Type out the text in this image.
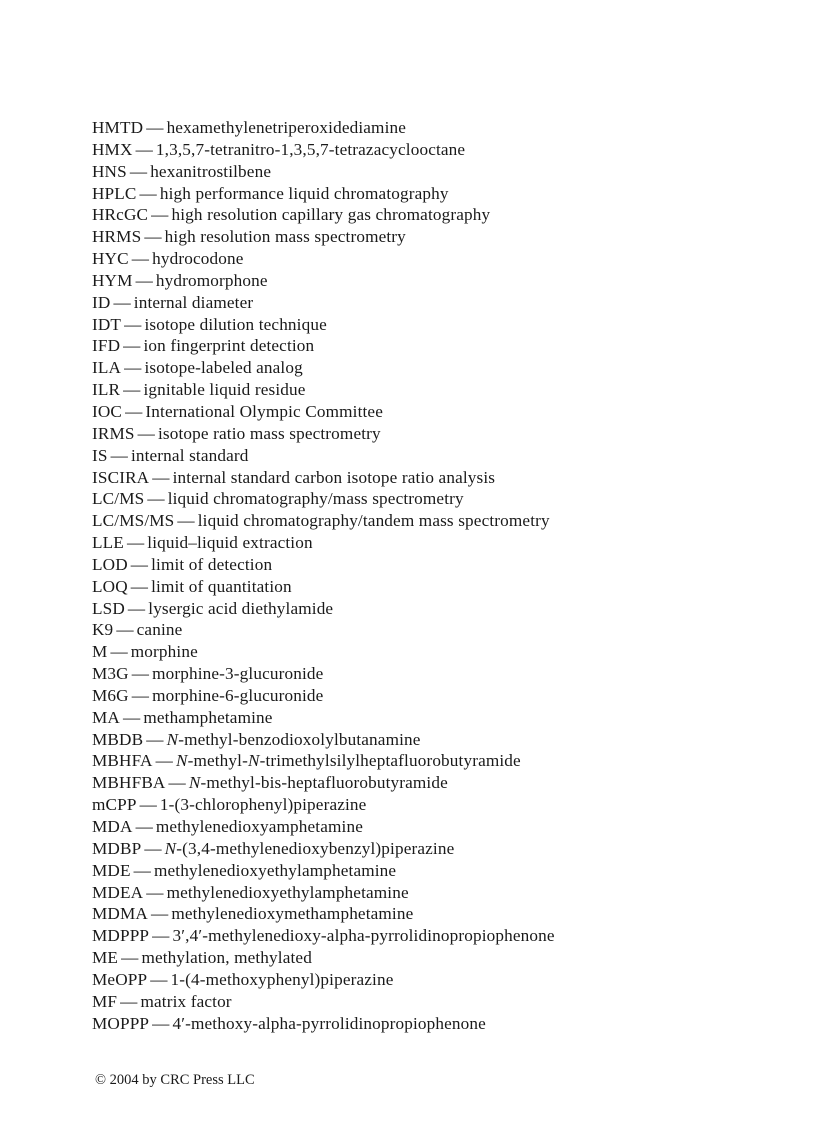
HMTD — hexamethylenetriperoxidediamine
HMX — 1,3,5,7-tetranitro-1,3,5,7-tetrazacyclooctane
HNS — hexanitrostilbene
HPLC — high performance liquid chromatography
HRcGC — high resolution capillary gas chromatography
HRMS — high resolution mass spectrometry
HYC — hydrocodone
HYM — hydromorphone
ID — internal diameter
IDT — isotope dilution technique
IFD — ion fingerprint detection
ILA — isotope-labeled analog
ILR — ignitable liquid residue
IOC — International Olympic Committee
IRMS — isotope ratio mass spectrometry
IS — internal standard
ISCIRA — internal standard carbon isotope ratio analysis
LC/MS — liquid chromatography/mass spectrometry
LC/MS/MS — liquid chromatography/tandem mass spectrometry
LLE — liquid–liquid extraction
LOD — limit of detection
LOQ — limit of quantitation
LSD — lysergic acid diethylamide
K9 — canine
M — morphine
M3G — morphine-3-glucuronide
M6G — morphine-6-glucuronide
MA — methamphetamine
MBDB — N-methyl-benzodioxolylbutanamine
MBHFA — N-methyl-N-trimethylsilylheptafluorobutyramide
MBHFBA — N-methyl-bis-heptafluorobutyramide
mCPP — 1-(3-chlorophenyl)piperazine
MDA — methylenedioxyamphetamine
MDBP — N-(3,4-methylenedioxybenzyl)piperazine
MDE — methylenedioxyethylamphetamine
MDEA — methylenedioxyethylamphetamine
MDMA — methylenedioxymethamphetamine
MDPPP — 3′,4′-methylenedioxy-alpha-pyrrolidinopropiophenone
ME — methylation, methylated
MeOPP — 1-(4-methoxyphenyl)piperazine
MF — matrix factor
MOPPP — 4′-methoxy-alpha-pyrrolidinopropiophenone
© 2004 by CRC Press LLC
